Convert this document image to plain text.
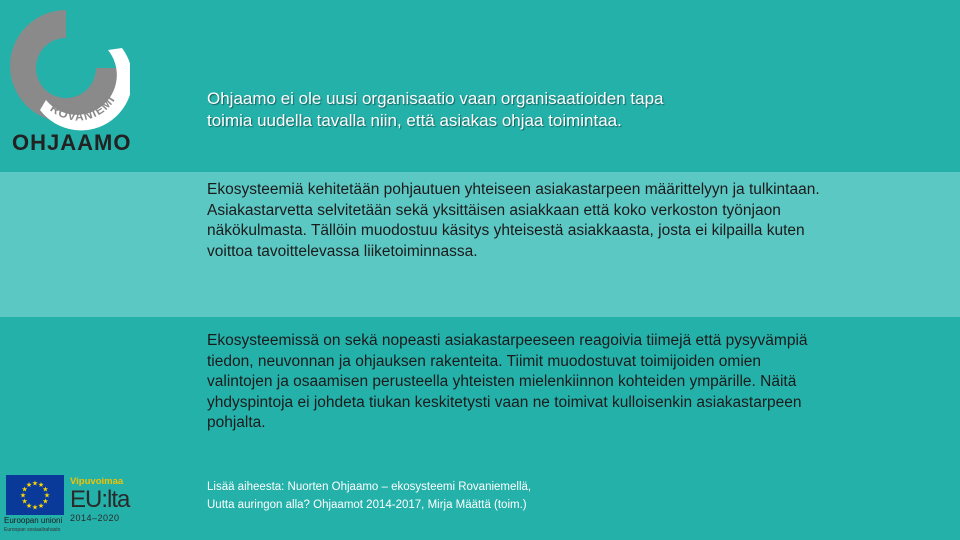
ROVANIEMI
OHJAAMO
Ohjaamo ei ole uusi organisaatio vaan organisaatioiden tapa
toimia uudella tavalla niin, että asiakas ohjaa toimintaa.
Ekosysteemiä kehitetään pohjautuen yhteiseen asiakastarpeen määrittelyyn ja tulkintaan. Asiakastarvetta selvitetään sekä yksittäisen asiakkaan että koko verkoston työnjaon näkökulmasta. Tällöin muodostuu käsitys yhteisestä asiakkaasta, josta ei kilpailla kuten voittoa tavoittelevassa liiketoiminnassa.
Ekosysteemissä on sekä nopeasti asiakastarpeeseen reagoivia tiimejä että pysyvämpiä tiedon, neuvonnan ja ohjauksen rakenteita. Tiimit muodostuvat toimijoiden omien valintojen ja osaamisen perusteella yhteisten mielenkiinnon kohteiden ympärille. Näitä yhdyspintoja ei johdeta tiukan keskitetysti vaan ne toimivat kulloisenkin asiakastarpeen pohjalta.
Lisää aiheesta: Nuorten Ohjaamo – ekosysteemi Rovaniemellä,
Uutta auringon alla? Ohjaamot 2014-2017, Mirja Määttä (toim.)
★ ★
★
★
★
★
★
★
★
★
★
★
Euroopan unioni
Euroopan sosiaalirahasto
Vipuvoimaa
EU:lta
2014–2020
